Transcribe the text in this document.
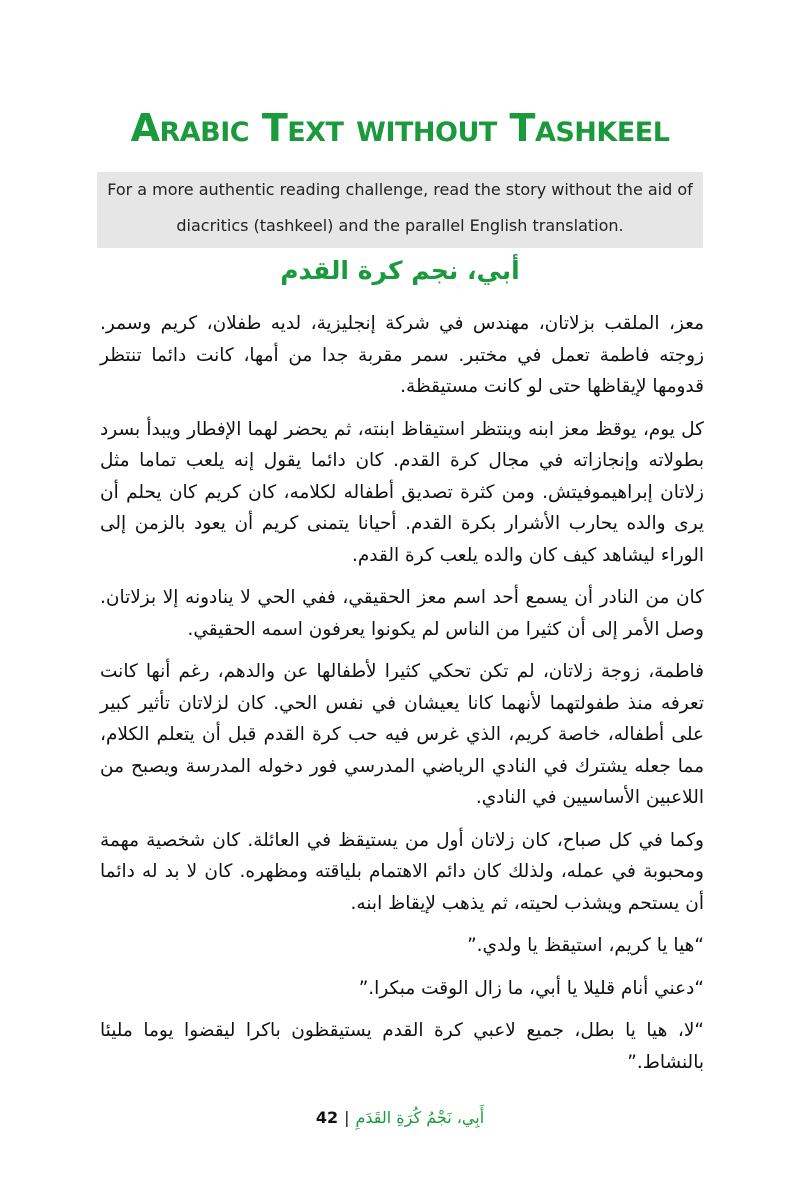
Arabic Text without Tashkeel
For a more authentic reading challenge, read the story without the aid of diacritics (tashkeel) and the parallel English translation.
أبي، نجم كرة القدم

معز، الملقب بزلاتان، مهندس في شركة إنجليزية، لديه طفلان، كريم وسمر. زوجته فاطمة تعمل في مختبر. سمر مقربة جدا من أمها، كانت دائما تنتظر قدومها لإيقاظها حتى لو كانت مستيقظة.

كل يوم، يوقظ معز ابنه وينتظر استيقاظ ابنته، ثم يحضر لهما الإفطار ويبدأ بسرد بطولاته وإنجازاته في مجال كرة القدم. كان دائما يقول إنه يلعب تماما مثل زلاتان إبراهيموفيتش. ومن كثرة تصديق أطفاله لكلامه، كان كريم كان يحلم أن يرى والده يحارب الأشرار بكرة القدم. أحيانا يتمنى كريم أن يعود بالزمن إلى الوراء ليشاهد كيف كان والده يلعب كرة القدم.

كان من النادر أن يسمع أحد اسم معز الحقيقي، ففي الحي لا ينادونه إلا بزلاتان. وصل الأمر إلى أن كثيرا من الناس لم يكونوا يعرفون اسمه الحقيقي.

فاطمة، زوجة زلاتان، لم تكن تحكي كثيرا لأطفالها عن والدهم، رغم أنها كانت تعرفه منذ طفولتهما لأنهما كانا يعيشان في نفس الحي. كان لزلاتان تأثير كبير على أطفاله، خاصة كريم، الذي غرس فيه حب كرة القدم قبل أن يتعلم الكلام، مما جعله يشترك في النادي الرياضي المدرسي فور دخوله المدرسة ويصبح من اللاعبين الأساسيين في النادي.

وكما في كل صباح، كان زلاتان أول من يستيقظ في العائلة. كان شخصية مهمة ومحبوبة في عمله، ولذلك كان دائم الاهتمام بلياقته ومظهره. كان لا بد له دائما أن يستحم ويشذب لحيته، ثم يذهب لإيقاظ ابنه.

“هيا يا كريم، استيقظ يا ولدي.”

“دعني أنام قليلا يا أبي، ما زال الوقت مبكرا.”

“لا، هيا يا بطل، جميع لاعبي كرة القدم يستيقظون باكرا ليقضوا يوما مليئا بالنشاط.”

42 | أَبِي، نَجْمُ كُرَةِ القَدَمِ
